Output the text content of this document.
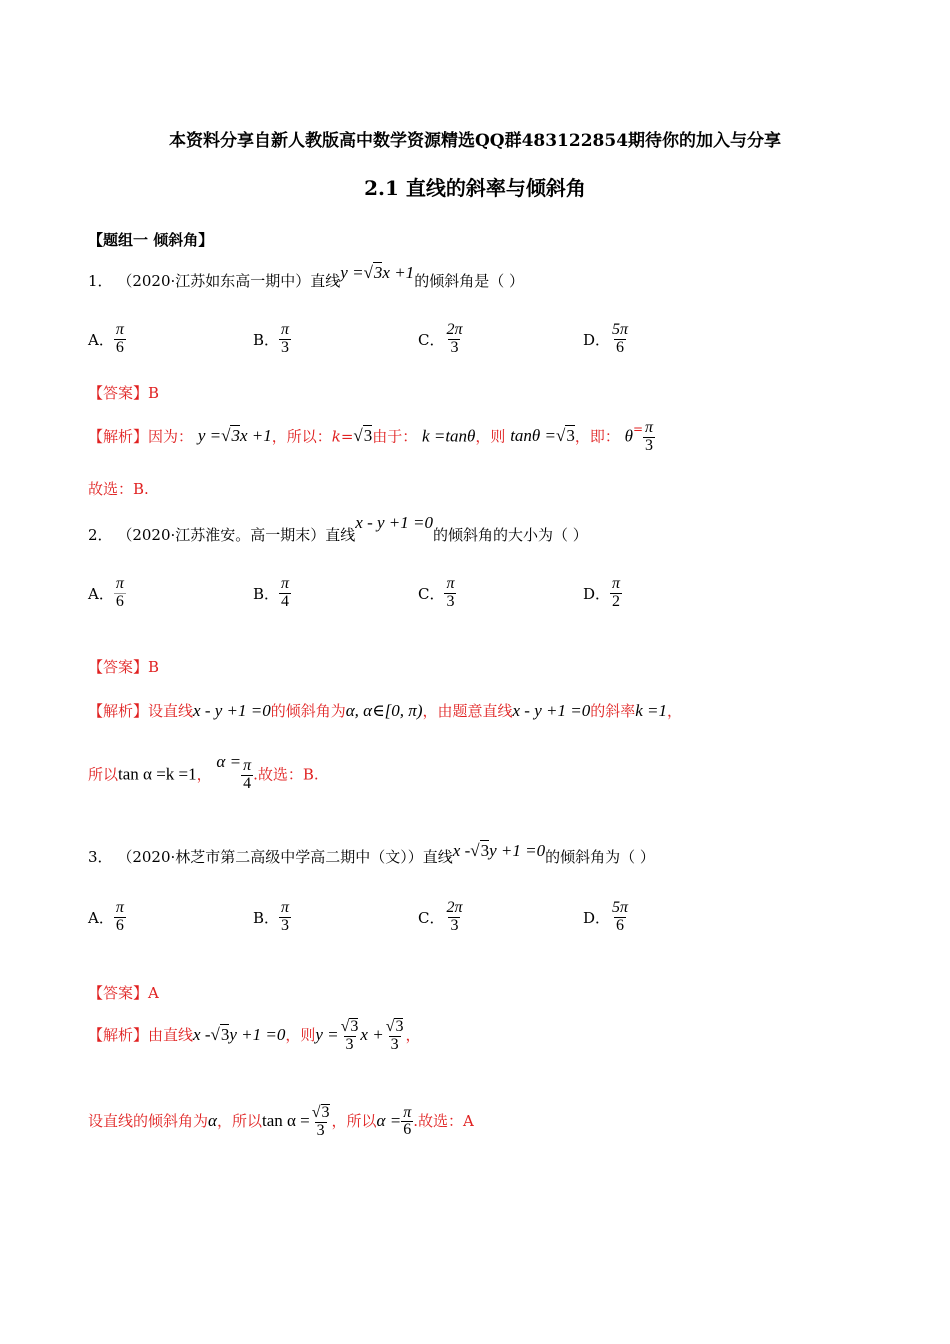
本资料分享自新人教版高中数学资源精选QQ群483122854期待你的加入与分享
2.1 直线的斜率与倾斜角
【题组一 倾斜角】
1． （2020·江苏如东高一期中）直线y =√3x +1的倾斜角是（ ）
A． $\frac{\pi}{6}$	B． $\frac{\pi}{3}$	C． $\frac{2\pi}{3}$	D． $\frac{5\pi}{6}$
【答案】B
【解析】因为： y =√3x +1，所以：k=√3由于： k =tanθ，则 tanθ =√3，即： $\theta^= \frac{\pi}{3}$
故选：B.
2． （2020·江苏淮安。高一期末）直线x - y +1 =0的倾斜角的大小为（ ）
A． $\frac{\pi}{6}$	B． $\frac{\pi}{4}$	C． $\frac{\pi}{3}$	D． $\frac{\pi}{2}$
【答案】B
【解析】设直线x - y +1 =0的倾斜角为α, α∈[0, π)，由题意直线x - y +1 =0的斜率k =1，
所以tan α =k =1， $\alpha = \frac{\pi}{4}$ .故选：B.
3． （2020·林芝市第二高级中学高二期中（文））直线x -√3y +1 =0的倾斜角为（ ）
A． $\frac{\pi}{6}$	B． $\frac{\pi}{3}$	C． $\frac{2\pi}{3}$	D． $\frac{5\pi}{6}$
【答案】A
【解析】由直线x -√3y +1 =0，则$y = \frac{√3}{3}$ $x + \frac{√3}{3}$ ，
设直线的倾斜角为α，所以$\tan \alpha = \frac{√3}{3}$ ，所以$\alpha = \frac{\pi}{6}$ .故选：A
